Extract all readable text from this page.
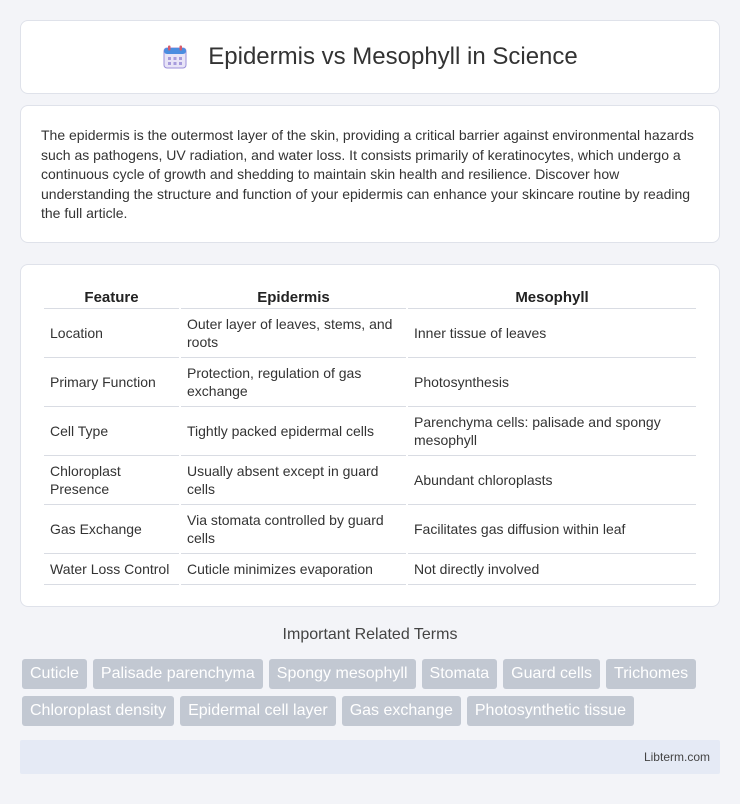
Epidermis vs Mesophyll in Science

The epidermis is the outermost layer of the skin, providing a critical barrier against environmental hazards such as pathogens, UV radiation, and water loss. It consists primarily of keratinocytes, which undergo a continuous cycle of growth and shedding to maintain skin health and resilience. Discover how understanding the structure and function of your epidermis can enhance your skincare routine by reading the full article.

Feature	Epidermis	Mesophyll
Location	Outer layer of leaves, stems, and roots	Inner tissue of leaves
Primary Function	Protection, regulation of gas exchange	Photosynthesis
Cell Type	Tightly packed epidermal cells	Parenchyma cells: palisade and spongy mesophyll
Chloroplast Presence	Usually absent except in guard cells	Abundant chloroplasts
Gas Exchange	Via stomata controlled by guard cells	Facilitates gas diffusion within leaf
Water Loss Control	Cuticle minimizes evaporation	Not directly involved
Important Related Terms
Cuticle	Palisade parenchyma	Spongy mesophyll	Stomata	Guard cells	Trichomes
Chloroplast density	Epidermal cell layer	Gas exchange	Photosynthetic tissue
Libterm.com
